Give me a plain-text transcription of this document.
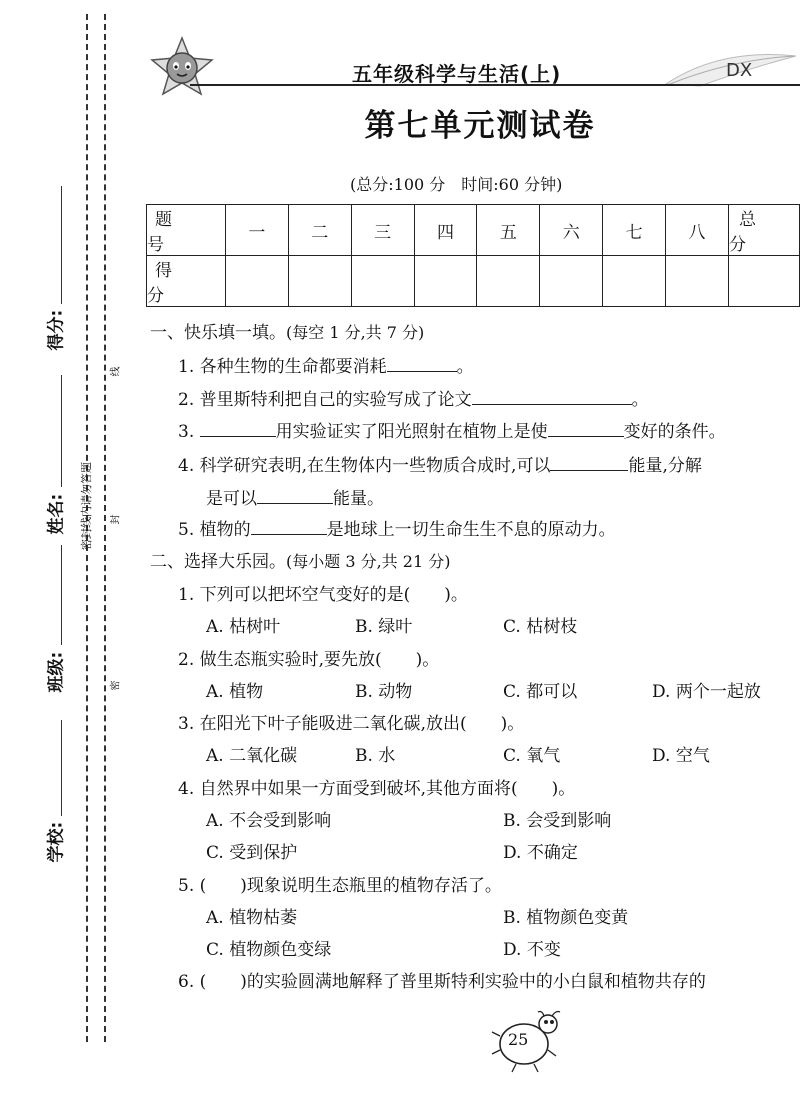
学校:
班级:
姓名:
得分:
密封线内请勿答题
线
封
密
五年级科学与生活(上)	DX
第七单元测试卷
(总分:100 分　时间:60 分钟)
题　号	一	二	三	四	五	六	七	八	总分
得　分									
一、快乐填一填。(每空 1 分,共 7 分)
1. 各种生物的生命都要消耗	。
2. 普里斯特利把自己的实验写成了论文	。
3.	用实验证实了阳光照射在植物上是使	变好的条件。
4. 科学研究表明,在生物体内一些物质合成时,可以	能量,分解
是可以	能量。
5. 植物的	是地球上一切生命生生不息的原动力。
二、选择大乐园。(每小题 3 分,共 21 分)
1. 下列可以把坏空气变好的是(　　)。
A. 枯树叶	B. 绿叶	C. 枯树枝
2. 做生态瓶实验时,要先放(　　)。
A. 植物	B. 动物	C. 都可以	D. 两个一起放
3. 在阳光下叶子能吸进二氧化碳,放出(　　)。
A. 二氧化碳	B. 水	C. 氧气	D. 空气
4. 自然界中如果一方面受到破坏,其他方面将(　　)。
A. 不会受到影响	B. 会受到影响
C. 受到保护	D. 不确定
5. (　　)现象说明生态瓶里的植物存活了。
A. 植物枯萎	B. 植物颜色变黄
C. 植物颜色变绿	D. 不变
6. (　　)的实验圆满地解释了普里斯特利实验中的小白鼠和植物共存的
25
